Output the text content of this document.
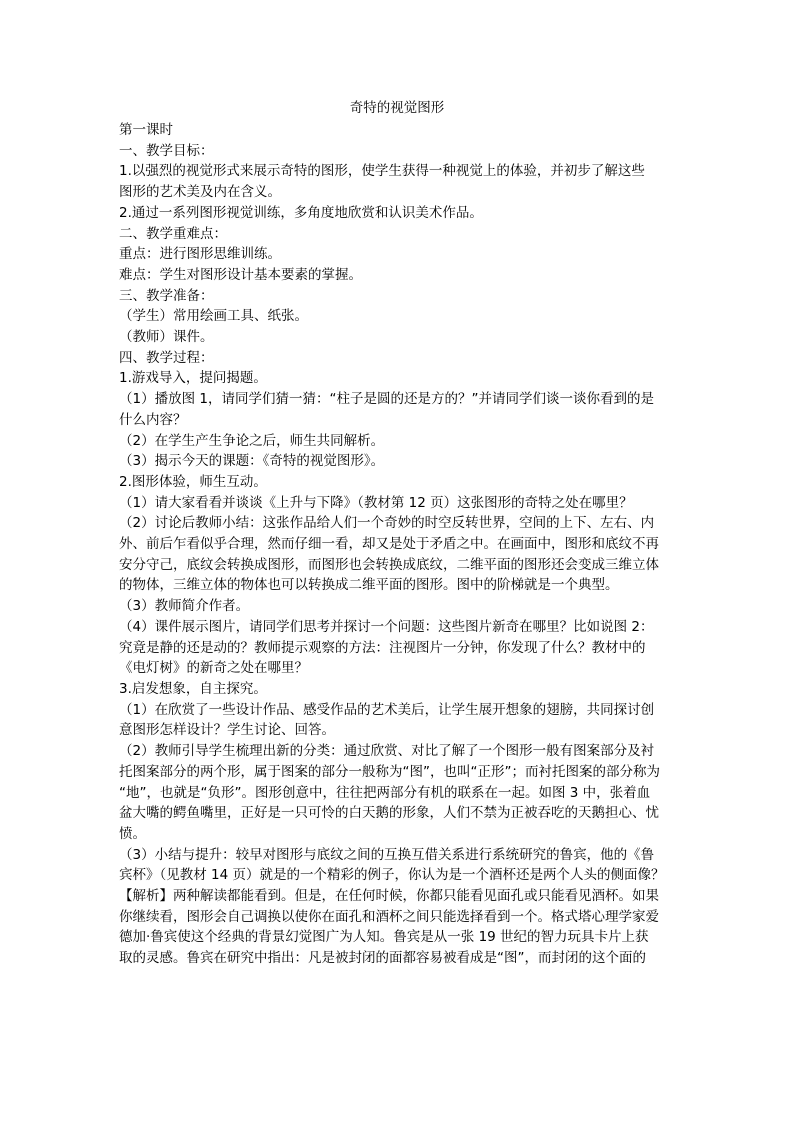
奇特的视觉图形
第一课时
一、教学目标：
1.以强烈的视觉形式来展示奇特的图形，使学生获得一种视觉上的体验，并初步了解这些
图形的艺术美及内在含义。
2.通过一系列图形视觉训练，多角度地欣赏和认识美术作品。
二、教学重难点：
重点：进行图形思维训练。
难点：学生对图形设计基本要素的掌握。
三、教学准备：
（学生）常用绘画工具、纸张。
（教师）课件。
四、教学过程：
1.游戏导入，提问揭题。
（1）播放图 1，请同学们猜一猜：“柱子是圆的还是方的？”并请同学们谈一谈你看到的是
什么内容？
（2）在学生产生争论之后，师生共同解析。
（3）揭示今天的课题：《奇特的视觉图形》。
2.图形体验，师生互动。
（1）请大家看看并谈谈《上升与下降》（教材第 12 页）这张图形的奇特之处在哪里？
（2）讨论后教师小结：这张作品给人们一个奇妙的时空反转世界，空间的上下、左右、内
外、前后乍看似乎合理，然而仔细一看，却又是处于矛盾之中。在画面中，图形和底纹不再
安分守己，底纹会转换成图形，而图形也会转换成底纹，二维平面的图形还会变成三维立体
的物体，三维立体的物体也可以转换成二维平面的图形。图中的阶梯就是一个典型。
（3）教师简介作者。
（4）课件展示图片，请同学们思考并探讨一个问题：这些图片新奇在哪里？比如说图 2：
究竟是静的还是动的？教师提示观察的方法：注视图片一分钟，你发现了什么？教材中的
《电灯树》的新奇之处在哪里？
3.启发想象，自主探究。
（1）在欣赏了一些设计作品、感受作品的艺术美后，让学生展开想象的翅膀，共同探讨创
意图形怎样设计？学生讨论、回答。
（2）教师引导学生梳理出新的分类：通过欣赏、对比了解了一个图形一般有图案部分及衬
托图案部分的两个形，属于图案的部分一般称为“图”，也叫“正形”；而衬托图案的部分称为
“地”，也就是“负形”。图形创意中，往往把两部分有机的联系在一起。如图 3 中，张着血
盆大嘴的鳄鱼嘴里，正好是一只可怜的白天鹅的形象，人们不禁为正被吞吃的天鹅担心、忧
愤。
（3）小结与提升：较早对图形与底纹之间的互换互借关系进行系统研究的鲁宾，他的《鲁
宾杯》（见教材 14 页）就是的一个精彩的例子，你认为是一个酒杯还是两个人头的侧面像？
【解析】两种解读都能看到。但是，在任何时候，你都只能看见面孔或只能看见酒杯。如果
你继续看，图形会自己调换以使你在面孔和酒杯之间只能选择看到一个。格式塔心理学家爱
德加·鲁宾使这个经典的背景幻觉图广为人知。鲁宾是从一张 19 世纪的智力玩具卡片上获
取的灵感。鲁宾在研究中指出：凡是被封闭的面都容易被看成是“图”，而封闭的这个面的
